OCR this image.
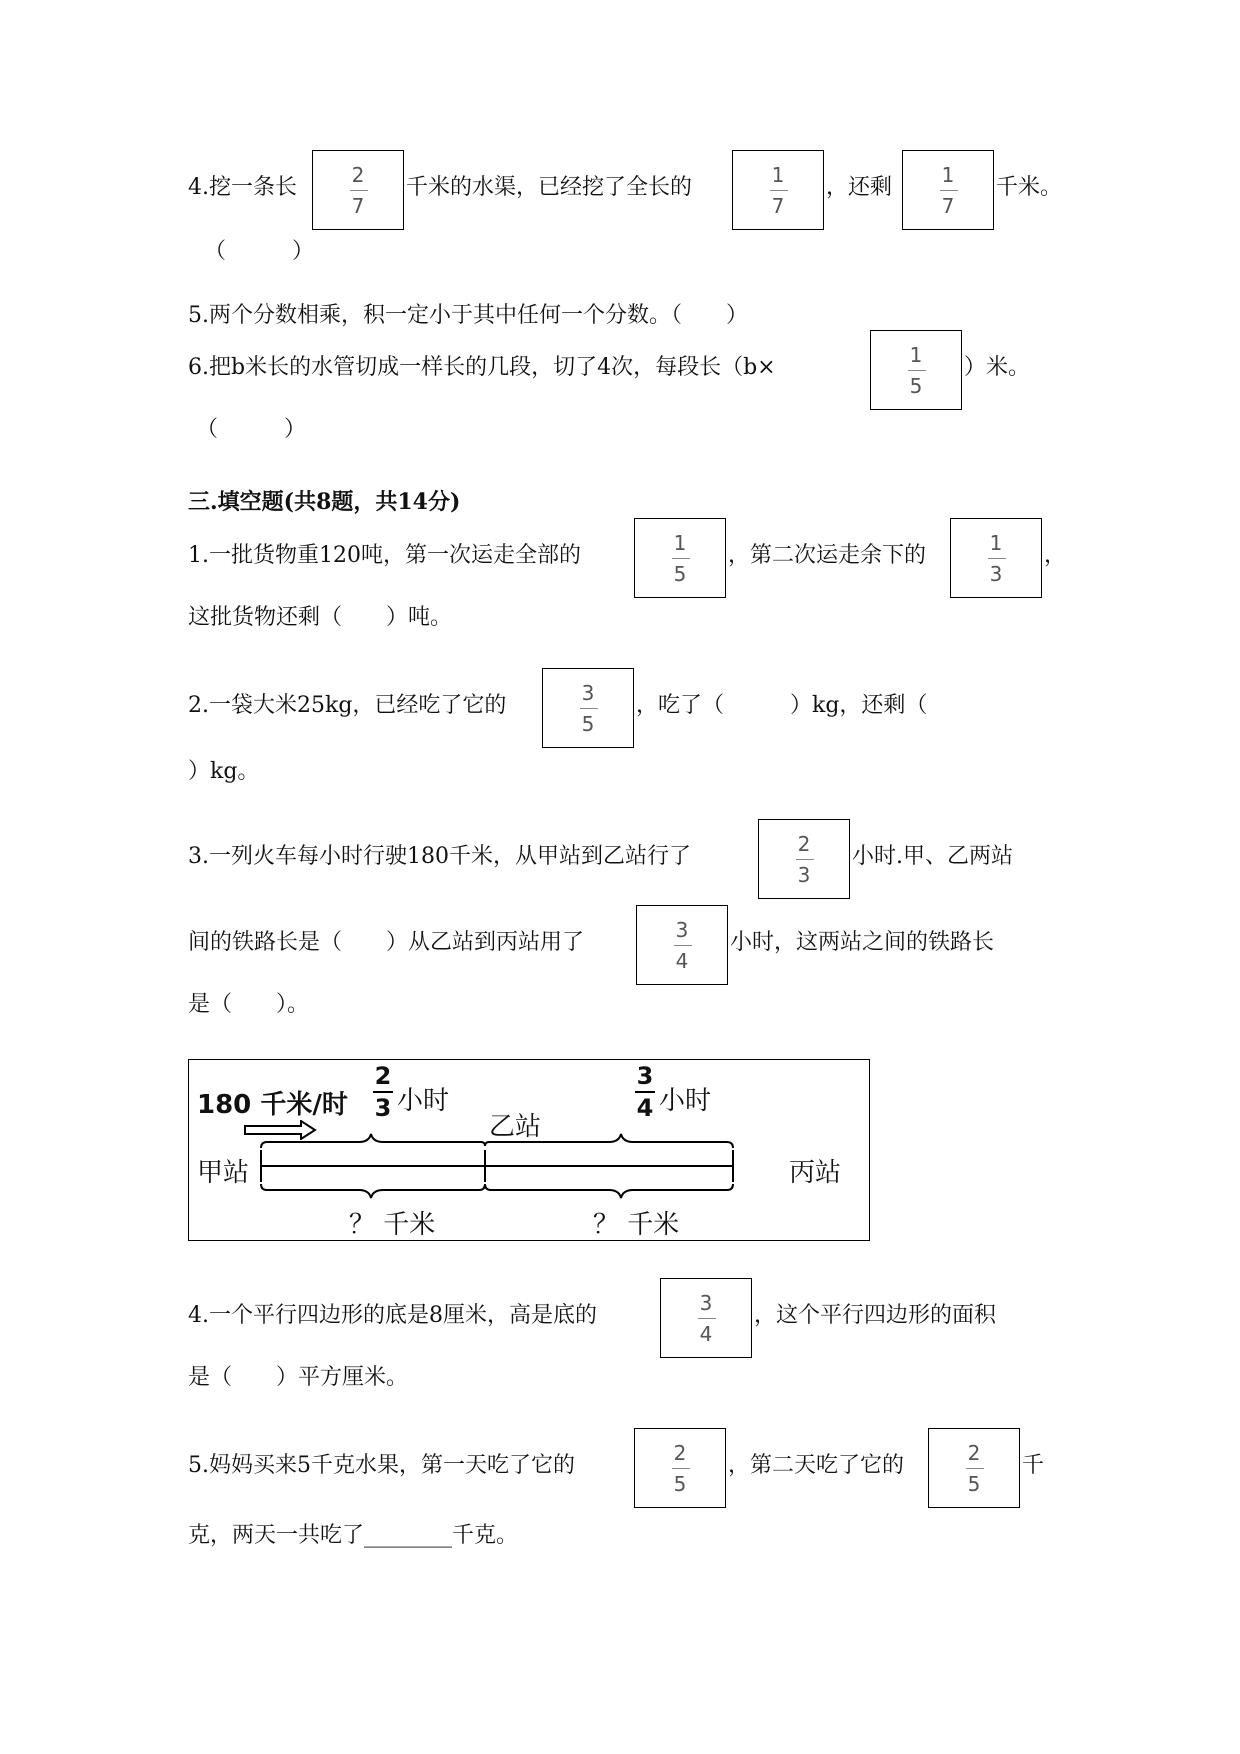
4.挖一条长	2
7
千米的水渠，已经挖了全长的	1
7
，还剩	1
7
千米。
（　　　）
5.两个分数相乘，积一定小于其中任何一个分数。（　　）
6.把b米长的水管切成一样长的几段，切了4次，每段长（b×	1
5
）米。
（　　　）
三.填空题(共8题，共14分)
1.一批货物重120吨，第一次运走全部的	1
5
，第二次运走余下的	1
3
，
这批货物还剩（　　）吨。
2.一袋大米25kg，已经吃了它的	3
5
，吃了（　　　）kg，还剩（
）kg。
3.一列火车每小时行驶180千米，从甲站到乙站行了	2
3
小时.甲、乙两站
间的铁路长是（　　）从乙站到丙站用了	3
4
小时，这两站之间的铁路长
是（　　）。
180 千米/时
2
3 小时
乙站
3
4 小时
甲站	丙站
？ 千米	？ 千米
4.一个平行四边形的底是8厘米，高是底的	3
4
，这个平行四边形的面积
是（　　）平方厘米。
5.妈妈买来5千克水果，第一天吃了它的	2
5
，第二天吃了它的	2
5
千
克，两天一共吃了________千克。
